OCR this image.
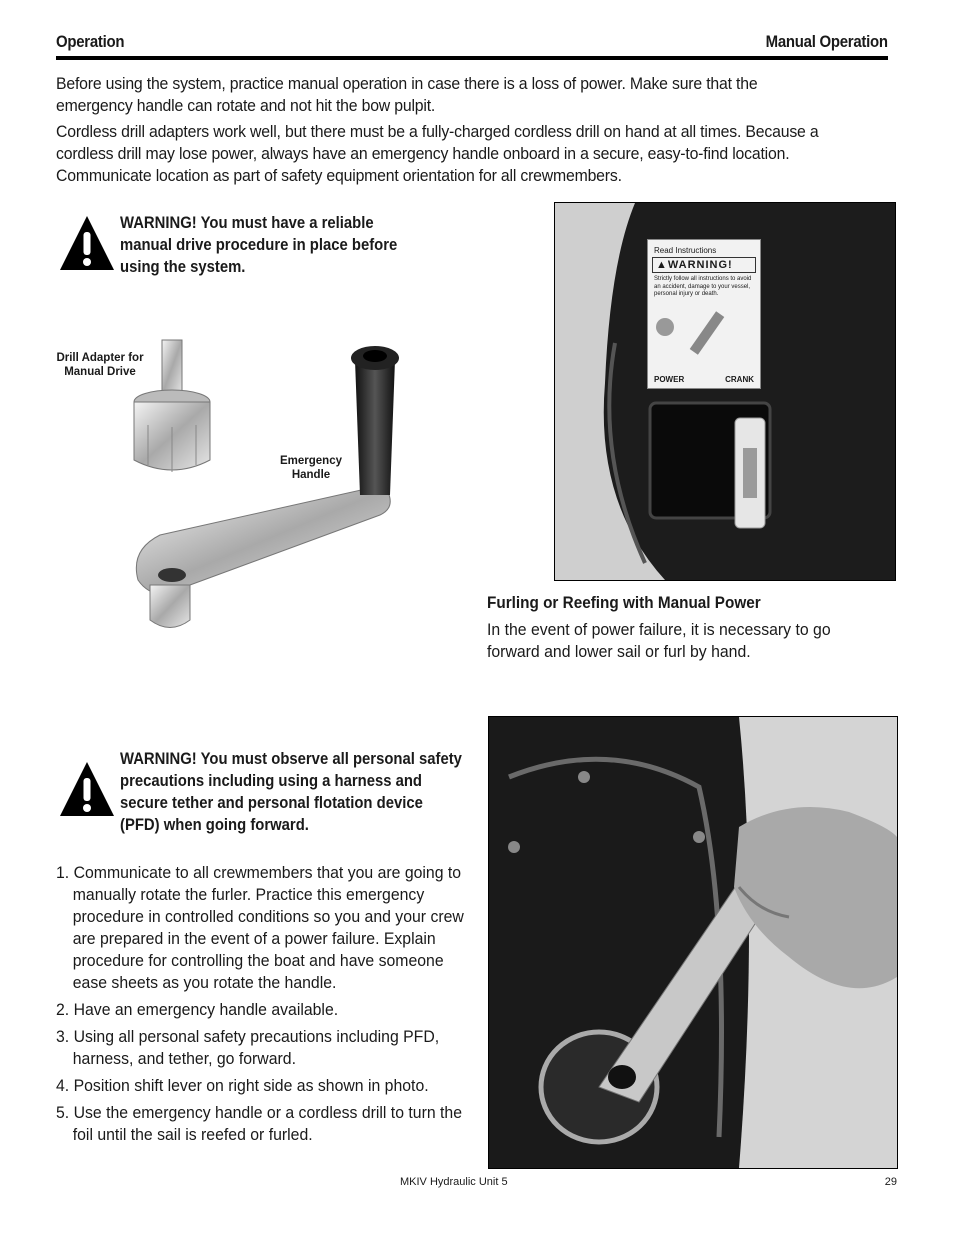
Operation	Manual Operation

Before using the system, practice manual operation in case there is a loss of power. Make sure that the emergency handle can rotate and not hit the bow pulpit.

Cordless drill adapters work well, but there must be a fully-charged cordless drill on hand at all times. Because a cordless drill may lose power, always have an emergency handle onboard in a secure, easy-to-find location. Communicate location as part of safety equipment orientation for all crewmembers.

WARNING! You must have a reliable

manual drive procedure in place before

using the system.

Drill Adapter for
Manual Drive
Emergency
Handle
Read Instructions
▲WARNING!
Strictly follow all instructions to avoid
an accident, damage to your vessel,
personal injury or death.
POWER	CRANK
Furling or Reefing with Manual Power

In the event of power failure, it is necessary to go

forward and lower sail or furl by hand.

WARNING! You must observe all personal safety

precautions including using a harness and

secure tether and personal flotation device

(PFD) when going forward.

1. Communicate to all crewmembers that you are going to manually rotate the furler. Practice this emergency procedure in controlled conditions so you and your crew are prepared in the event of a power failure. Explain procedure for controlling the boat and have someone ease sheets as you rotate the handle.

2. Have an emergency handle available.

3. Using all personal safety precautions including PFD, harness, and tether, go forward.

4. Position shift lever on right side as shown in photo.

5. Use the emergency handle or a cordless drill to turn the foil until the sail is reefed or furled.

MKIV Hydraulic Unit 5	29
